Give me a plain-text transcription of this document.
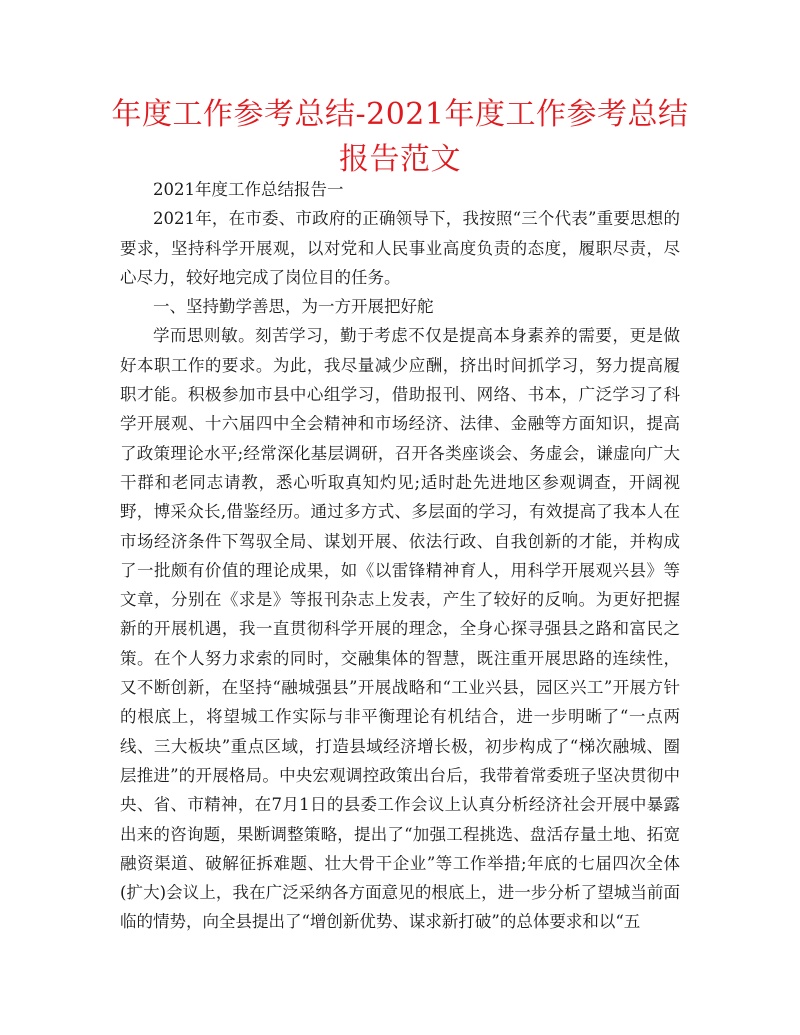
年度工作参考总结-2021年度工作参考总结报告范文

2021年度工作总结报告一

2021年，在市委、市政府的正确领导下，我按照“三个代表”重要思想的要求，坚持科学开展观，以对党和人民事业高度负责的态度，履职尽责，尽心尽力，较好地完成了岗位目的任务。

一、坚持勤学善思，为一方开展把好舵

学而思则敏。刻苦学习，勤于考虑不仅是提高本身素养的需要，更是做好本职工作的要求。为此，我尽量减少应酬，挤出时间抓学习，努力提高履职才能。积极参加市县中心组学习，借助报刊、网络、书本，广泛学习了科学开展观、十六届四中全会精神和市场经济、法律、金融等方面知识，提高了政策理论水平;经常深化基层调研，召开各类座谈会、务虚会，谦虚向广大干群和老同志请教，悉心听取真知灼见;适时赴先进地区参观调查，开阔视野，博采众长,借鉴经历。通过多方式、多层面的学习，有效提高了我本人在市场经济条件下驾驭全局、谋划开展、依法行政、自我创新的才能，并构成了一批颇有价值的理论成果，如《以雷锋精神育人，用科学开展观兴县》等文章，分别在《求是》等报刊杂志上发表，产生了较好的反响。为更好把握新的开展机遇，我一直贯彻科学开展的理念，全身心探寻强县之路和富民之策。在个人努力求索的同时，交融集体的智慧，既注重开展思路的连续性，又不断创新，在坚持“融城强县”开展战略和“工业兴县，园区兴工”开展方针的根底上，将望城工作实际与非平衡理论有机结合，进一步明晰了“一点两线、三大板块”重点区域，打造县域经济增长极，初步构成了“梯次融城、圈层推进”的开展格局。中央宏观调控政策出台后，我带着常委班子坚决贯彻中央、省、市精神，在7月1日的县委工作会议上认真分析经济社会开展中暴露出来的咨询题，果断调整策略，提出了“加强工程挑选、盘活存量土地、拓宽融资渠道、破解征拆难题、壮大骨干企业”等工作举措;年底的七届四次全体(扩大)会议上，我在广泛采纳各方面意见的根底上，进一步分析了望城当前面临的情势，向全县提出了“增创新优势、谋求新打破”的总体要求和以“五
